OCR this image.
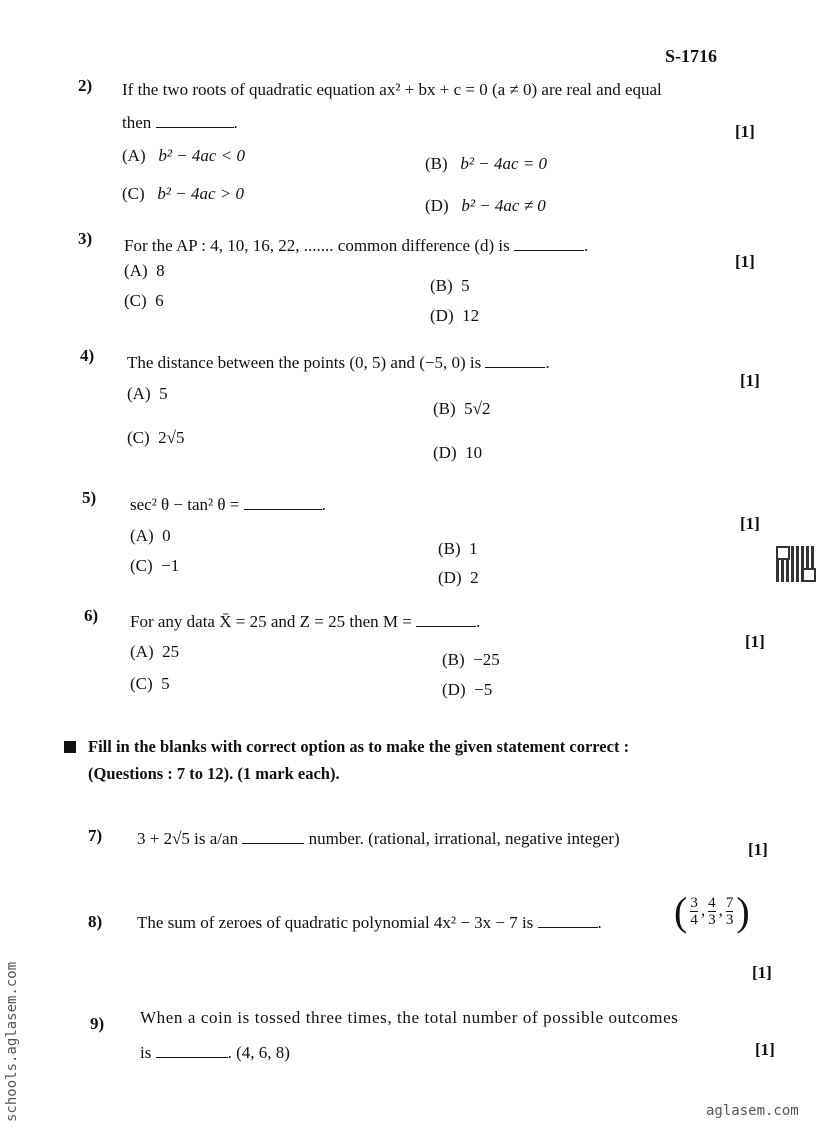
S-1716
2) If the two roots of quadratic equation ax² + bx + c = 0 (a ≠ 0) are real and equal
then	.	[1]
(A) b² − 4ac < 0	(B) b² − 4ac = 0
(C) b² − 4ac > 0
(D) b² − 4ac ≠ 0
3) For the AP : 4, 10, 16, 22, ....... common difference (d) is	.
[1]
(A) 8
(B) 5
(C) 6
(D) 12
4) The distance between the points (0, 5) and (−5, 0) is	.
[1]
(A) 5
(B) 5√2
(C) 2√5
(D) 10
5) sec² θ − tan² θ =	.
[1]
(A) 0
(B) 1
(C) −1
(D) 2
6) For any data X̄ = 25 and Z = 25 then M =	.
[1]
(A) 25	(B) −25
(C) 5	(D) −5
Fill in the blanks with correct option as to make the given statement correct :
(Questions : 7 to 12). (1 mark each).
7) 3 + 2√5 is a/an	number. (rational, irrational, negative integer)
[1]
8) The sum of zeroes of quadratic polynomial 4x² − 3x − 7 is	. ( $\frac{3}{4}$ , $\frac{4}{3}$ , $\frac{7}{3}$ )
[1]
9) When a coin is tossed three times, the total number of possible outcomes
is	. (4, 6, 8)	[1]
schools.aglasem.com	aglasem.com
